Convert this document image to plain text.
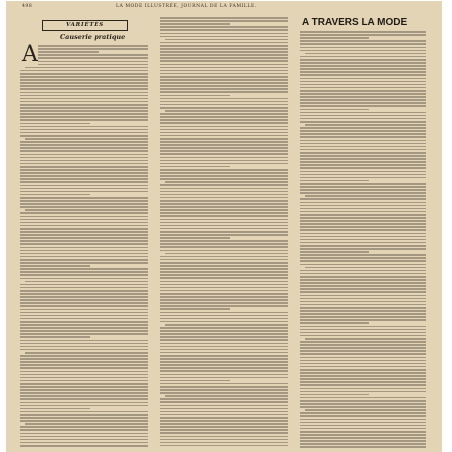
498	LA MODE ILLUSTRÉE, JOURNAL DE LA FAMILLE.
VARIÉTÉS
Causerie pratique
A
A TRAVERS LA MODE
